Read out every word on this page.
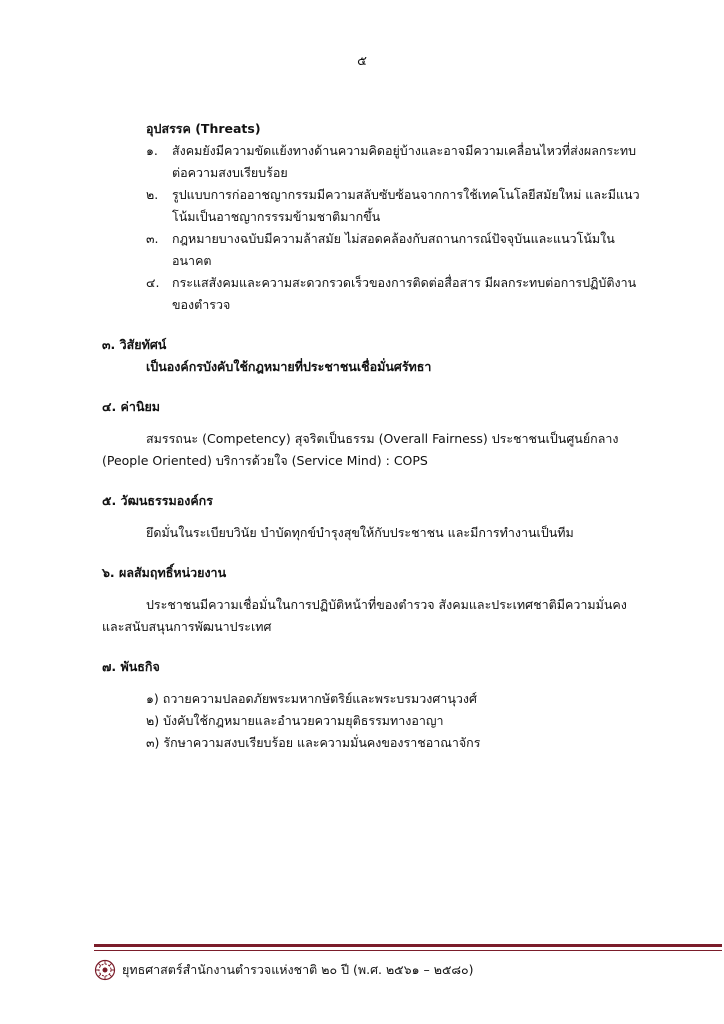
๕
อุปสรรค (Threats)
๑.	สังคมยังมีความขัดแย้งทางด้านความคิดอยู่บ้างและอาจมีความเคลื่อนไหวที่ส่งผลกระทบต่อความสงบเรียบร้อย
๒.	รูปแบบการก่ออาชญากรรมมีความสลับซับซ้อนจากการใช้เทคโนโลยีสมัยใหม่ และมีแนวโน้มเป็นอาชญากรรรมข้ามชาติมากขึ้น
๓.	กฎหมายบางฉบับมีความล้าสมัย ไม่สอดคล้องกับสถานการณ์ปัจจุบันและแนวโน้มในอนาคต
๔.	กระแสสังคมและความสะดวกรวดเร็วของการติดต่อสื่อสาร มีผลกระทบต่อการปฏิบัติงานของตำรวจ
๓. วิสัยทัศน์
เป็นองค์กรบังคับใช้กฎหมายที่ประชาชนเชื่อมั่นศรัทธา
๔. ค่านิยม
สมรรถนะ (Competency) สุจริตเป็นธรรม (Overall Fairness) ประชาชนเป็นศูนย์กลาง (People Oriented) บริการด้วยใจ (Service Mind) : COPS
๕. วัฒนธรรมองค์กร
ยึดมั่นในระเบียบวินัย บำบัดทุกข์บำรุงสุขให้กับประชาชน และมีการทำงานเป็นทีม
๖. ผลสัมฤทธิ์หน่วยงาน
ประชาชนมีความเชื่อมั่นในการปฏิบัติหน้าที่ของตำรวจ สังคมและประเทศชาติมีความมั่นคงและสนับสนุนการพัฒนาประเทศ
๗. พันธกิจ
๑) ถวายความปลอดภัยพระมหากษัตริย์และพระบรมวงศานุวงศ์
๒) บังคับใช้กฎหมายและอำนวยความยุติธรรมทางอาญา
๓) รักษาความสงบเรียบร้อย และความมั่นคงของราชอาณาจักร
ยุทธศาสตร์สำนักงานตำรวจแห่งชาติ ๒๐ ปี (พ.ศ. ๒๕๖๑ – ๒๕๘๐)
